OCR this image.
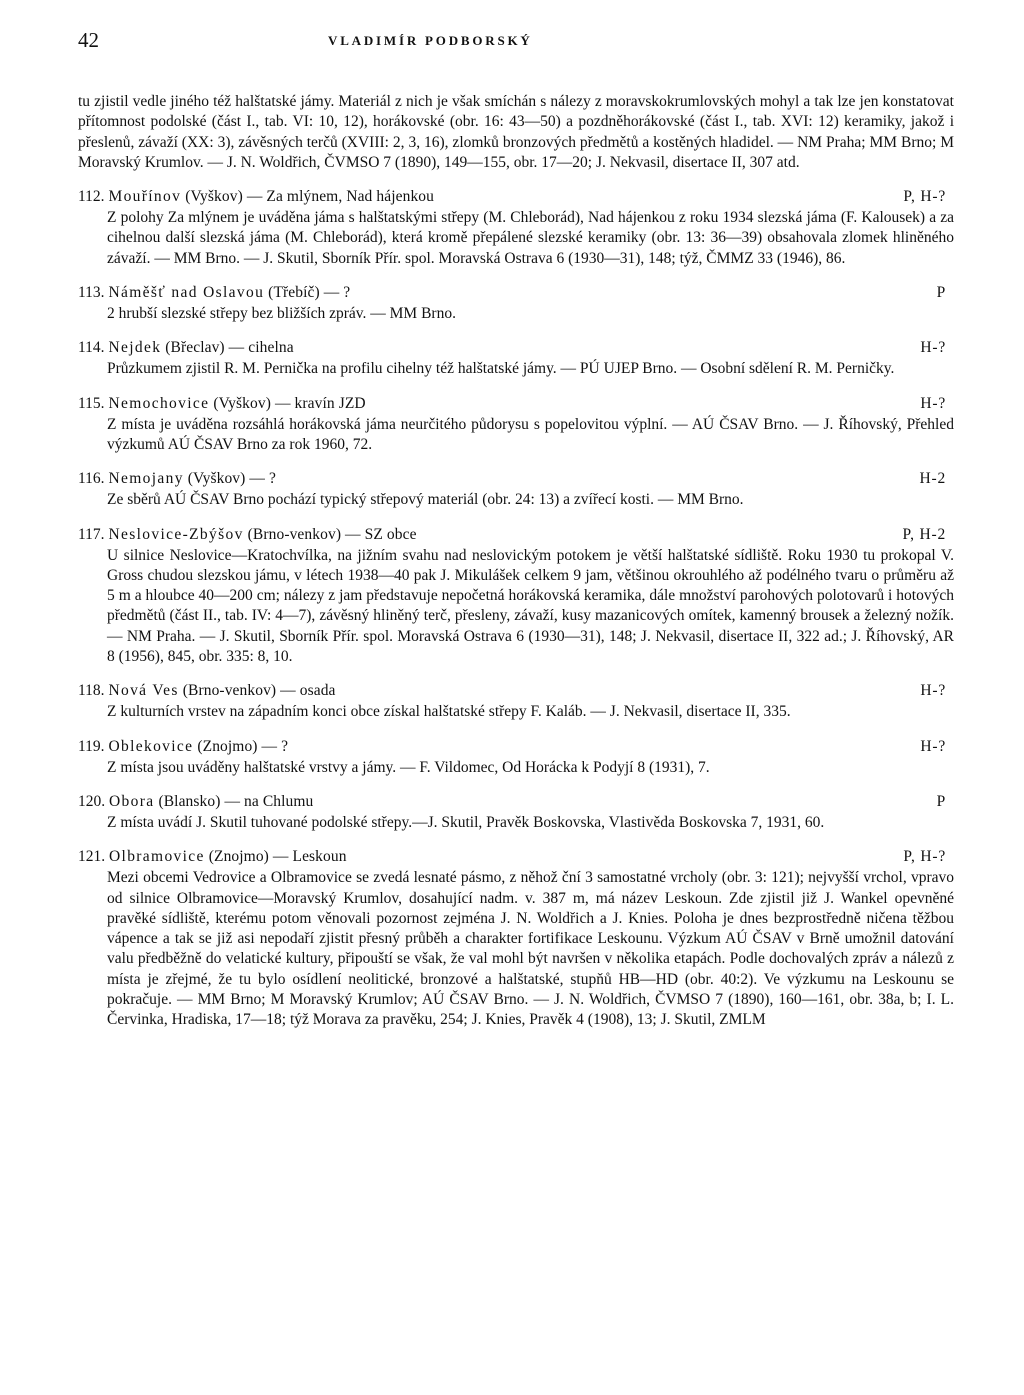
42	VLADIMÍR PODBORSKÝ

tu zjistil vedle jiného též halštatské jámy. Materiál z nich je však smíchán s nálezy z moravskokrumlovských mohyl a tak lze jen konstatovat přítomnost podolské (část I., tab. VI: 10, 12), horákovské (obr. 16: 43—50) a pozdněhorákovské (část I., tab. XVI: 12) keramiky, jakož i přeslenů, závaží (XX: 3), závěsných terčů (XVIII: 2, 3, 16), zlomků bronzových předmětů a kostěných hladidel. — NM Praha; MM Brno; M Moravský Krumlov. — J. N. Woldřich, ČVMSO 7 (1890), 149—155, obr. 17—20; J. Nekvasil, disertace II, 307 atd.

112. Mouřínov (Vyškov) — Za mlýnem, Nad hájenkou	P, H-?

Z polohy Za mlýnem je uváděna jáma s halštatskými střepy (M. Chleborád), Nad hájenkou z roku 1934 slezská jáma (F. Kalousek) a za cihelnou další slezská jáma (M. Chleborád), která kromě přepálené slezské keramiky (obr. 13: 36—39) obsahovala zlomek hliněného závaží. — MM Brno. — J. Skutil, Sborník Přír. spol. Moravská Ostrava 6 (1930—31), 148; týž, ČMMZ 33 (1946), 86.

113. Náměšť nad Oslavou (Třebíč) — ?	P

2 hrubší slezské střepy bez bližších zpráv. — MM Brno.

114. Nejdek (Břeclav) — cihelna	H-?

Průzkumem zjistil R. M. Pernička na profilu cihelny též halštatské jámy. — PÚ UJEP Brno. — Osobní sdělení R. M. Perničky.

115. Nemochovice (Vyškov) — kravín JZD	H-?

Z místa je uváděna rozsáhlá horákovská jáma neurčitého půdorysu s popelovitou výplní. — AÚ ČSAV Brno. — J. Říhovský, Přehled výzkumů AÚ ČSAV Brno za rok 1960, 72.

116. Nemojany (Vyškov) — ?	H-2

Ze sběrů AÚ ČSAV Brno pochází typický střepový materiál (obr. 24: 13) a zvířecí kosti. — MM Brno.

117. Neslovice-Zbýšov (Brno-venkov) — SZ obce	P, H-2

U silnice Neslovice—Kratochvílka, na jižním svahu nad neslovickým potokem je větší halštatské sídliště. Roku 1930 tu prokopal V. Gross chudou slezskou jámu, v létech 1938—40 pak J. Mikulášek celkem 9 jam, většinou okrouhlého až podélného tvaru o průměru až 5 m a hloubce 40—200 cm; nálezy z jam představuje nepočetná horákovská keramika, dále množství parohových polotovarů i hotových předmětů (část II., tab. IV: 4—7), závěsný hliněný terč, přesleny, závaží, kusy mazanicových omítek, kamenný brousek a železný nožík. — NM Praha. — J. Skutil, Sborník Přír. spol. Moravská Ostrava 6 (1930—31), 148; J. Nekvasil, disertace II, 322 ad.; J. Říhovský, AR 8 (1956), 845, obr. 335: 8, 10.

118. Nová Ves (Brno-venkov) — osada	H-?

Z kulturních vrstev na západním konci obce získal halštatské střepy F. Kaláb. — J. Nekvasil, disertace II, 335.

119. Oblekovice (Znojmo) — ?	H-?

Z místa jsou uváděny halštatské vrstvy a jámy. — F. Vildomec, Od Horácka k Podyjí 8 (1931), 7.

120. Obora (Blansko) — na Chlumu	P

Z místa uvádí J. Skutil tuhované podolské střepy.—J. Skutil, Pravěk Boskovska, Vlastivěda Boskovska 7, 1931, 60.

121. Olbramovice (Znojmo) — Leskoun	P, H-?

Mezi obcemi Vedrovice a Olbramovice se zvedá lesnaté pásmo, z něhož ční 3 samostatné vrcholy (obr. 3: 121); nejvyšší vrchol, vpravo od silnice Olbramovice—Moravský Krumlov, dosahující nadm. v. 387 m, má název Leskoun. Zde zjistil již J. Wankel opevněné pravěké sídliště, kterému potom věnovali pozornost zejména J. N. Woldřich a J. Knies. Poloha je dnes bezprostředně ničena těžbou vápence a tak se již asi nepodaří zjistit přesný průběh a charakter fortifikace Leskounu. Výzkum AÚ ČSAV v Brně umožnil datování valu předběžně do velatické kultury, připouští se však, že val mohl být navršen v několika etapách. Podle dochovalých zpráv a nálezů z místa je zřejmé, že tu bylo osídlení neolitické, bronzové a halštatské, stupňů HB—HD (obr. 40:2). Ve výzkumu na Leskounu se pokračuje. — MM Brno; M Moravský Krumlov; AÚ ČSAV Brno. — J. N. Woldřich, ČVMSO 7 (1890), 160—161, obr. 38a, b; I. L. Červinka, Hradiska, 17—18; týž Morava za pravěku, 254; J. Knies, Pravěk 4 (1908), 13; J. Skutil, ZMLM
